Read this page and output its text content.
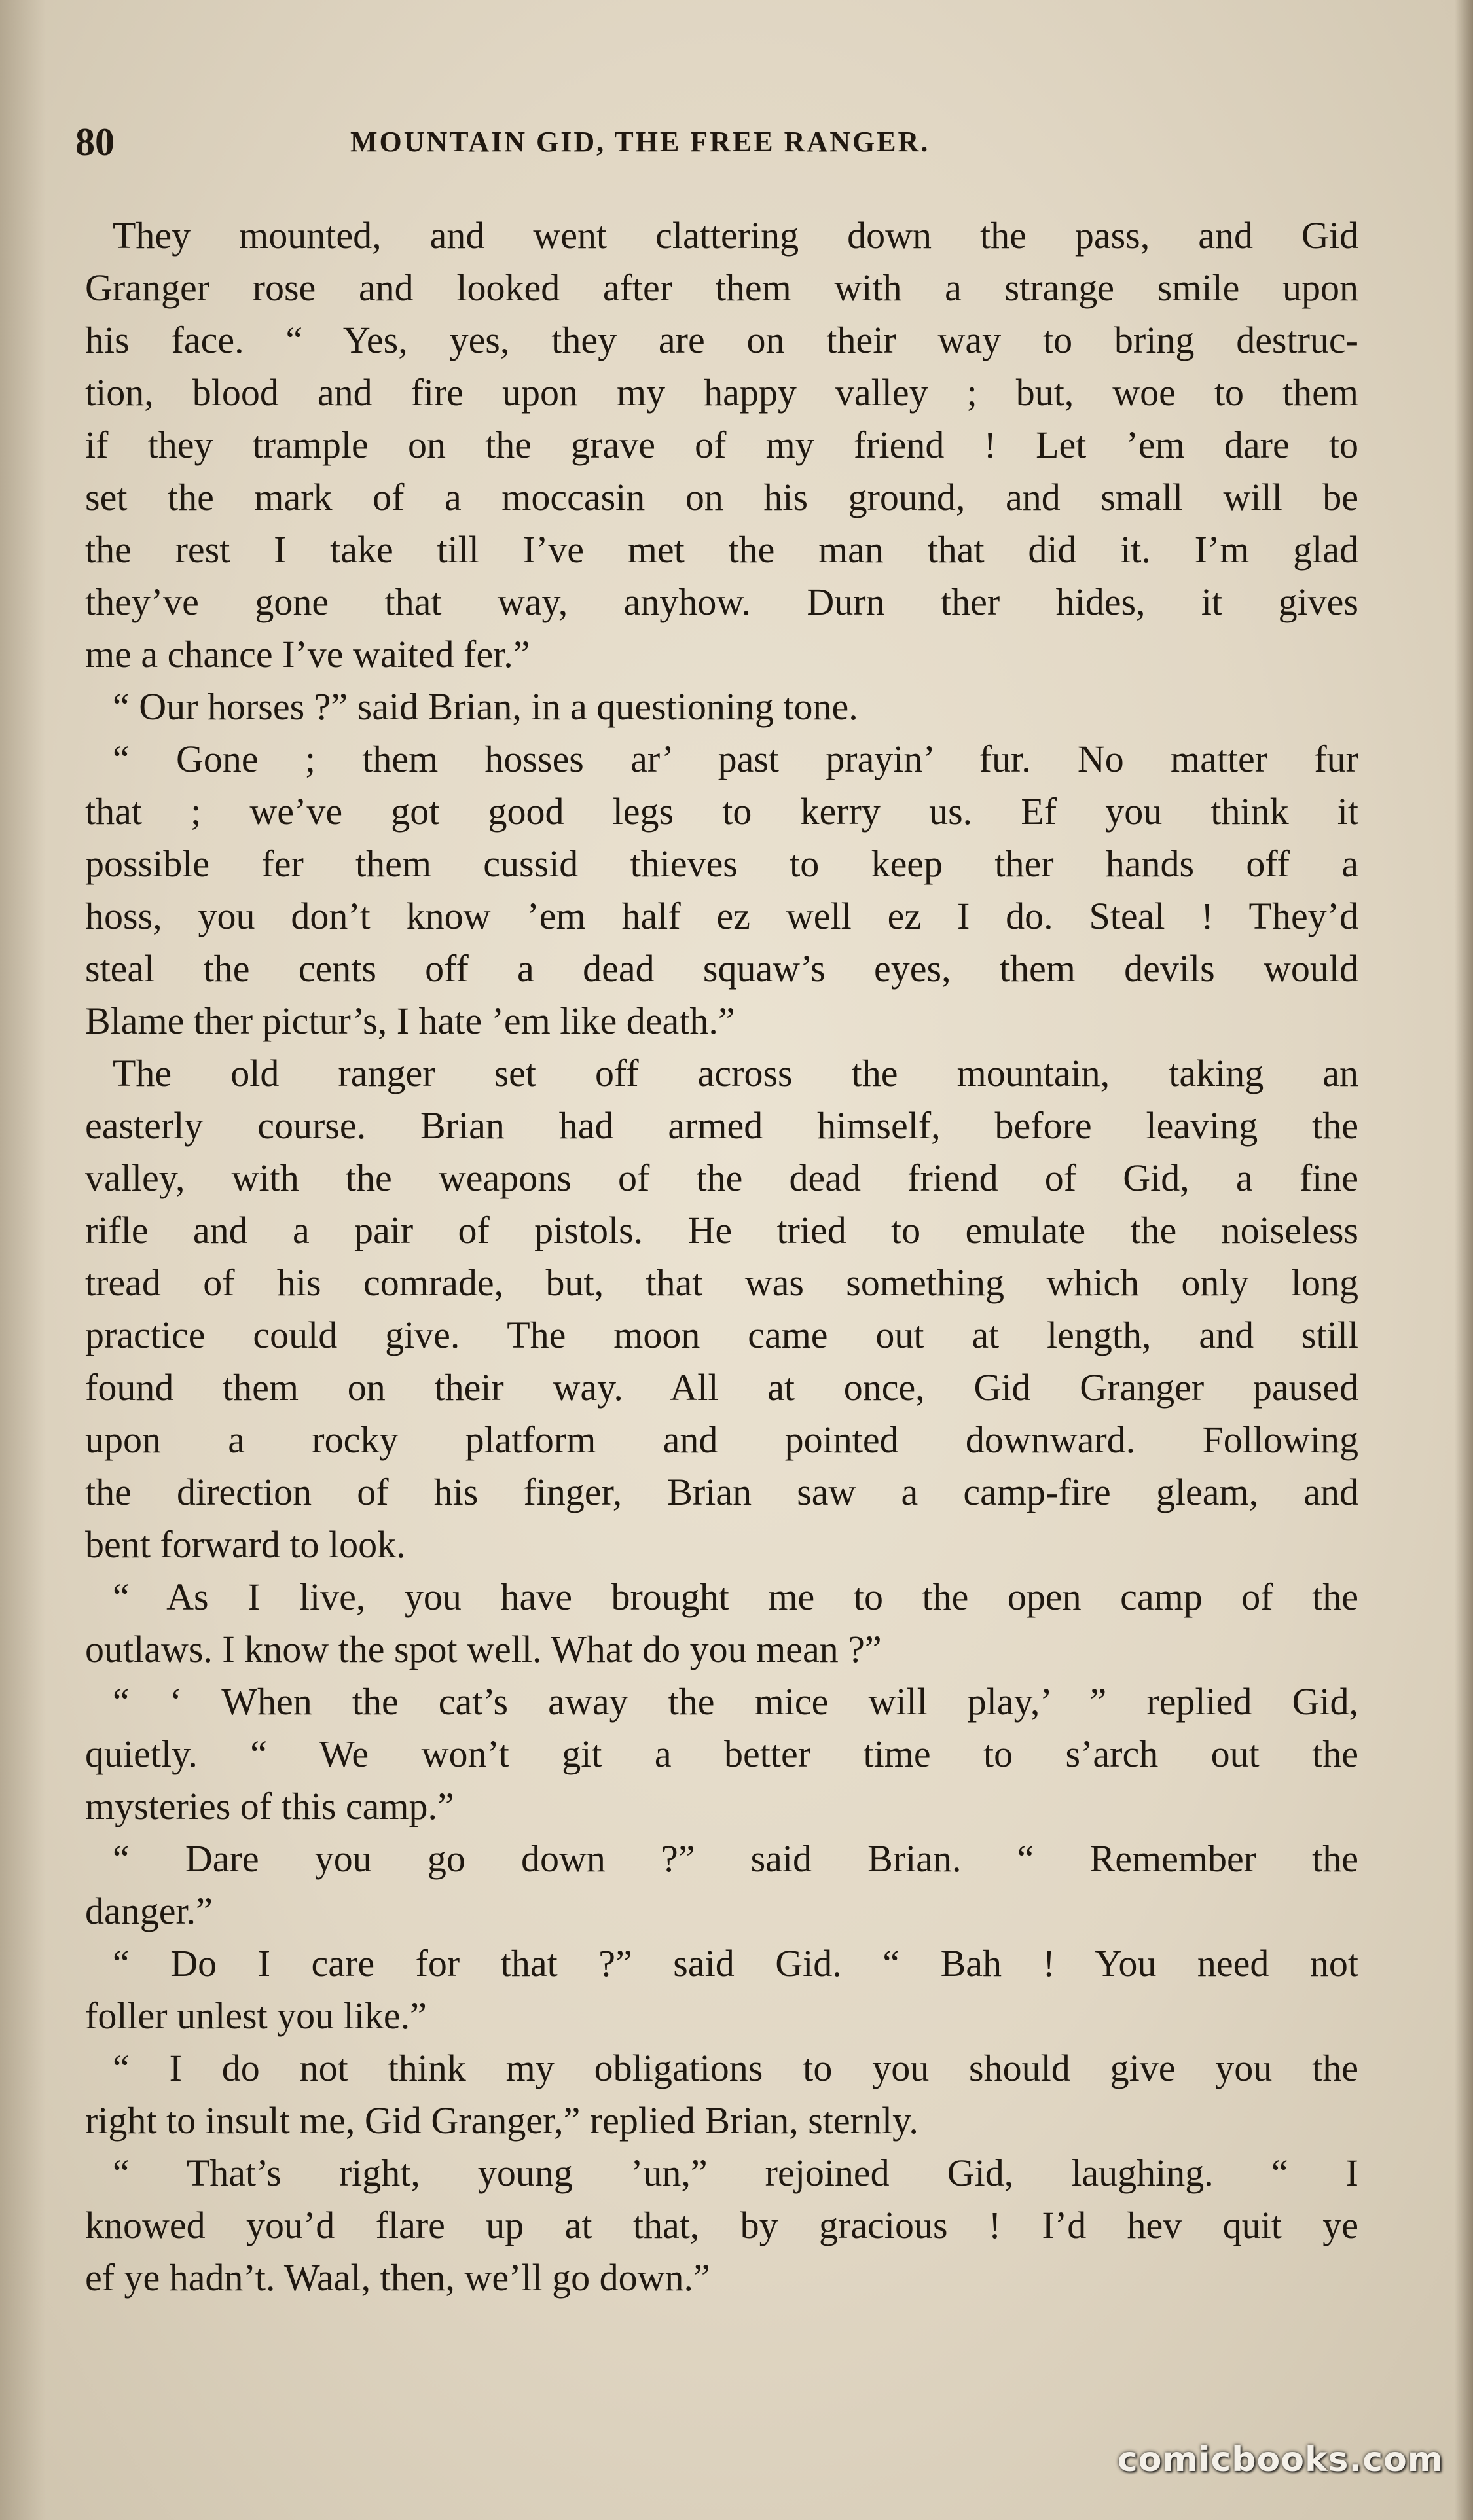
80	MOUNTAIN GID, THE FREE RANGER.
They mounted, and went clattering down the pass, and Gid
Granger rose and looked after them with a strange smile upon
his face. “ Yes, yes, they are on their way to bring destruc-
tion, blood and fire upon my happy valley ; but, woe to them
if they trample on the grave of my friend ! Let ’em dare to
set the mark of a moccasin on his ground, and small will be
the rest I take till I’ve met the man that did it. I’m glad
they’ve gone that way, anyhow. Durn ther hides, it gives
me a chance I’ve waited fer.”
“ Our horses ?” said Brian, in a questioning tone.
“ Gone ; them hosses ar’ past prayin’ fur. No matter fur
that ; we’ve got good legs to kerry us. Ef you think it
possible fer them cussid thieves to keep ther hands off a
hoss, you don’t know ’em half ez well ez I do. Steal ! They’d
steal the cents off a dead squaw’s eyes, them devils would
Blame ther pictur’s, I hate ’em like death.”
The old ranger set off across the mountain, taking an
easterly course. Brian had armed himself, before leaving the
valley, with the weapons of the dead friend of Gid, a fine
rifle and a pair of pistols. He tried to emulate the noiseless
tread of his comrade, but, that was something which only long
practice could give. The moon came out at length, and still
found them on their way. All at once, Gid Granger paused
upon a rocky platform and pointed downward. Following
the direction of his finger, Brian saw a camp-fire gleam, and
bent forward to look.
“ As I live, you have brought me to the open camp of the
outlaws. I know the spot well. What do you mean ?”
“ ‘ When the cat’s away the mice will play,’ ” replied Gid,
quietly. “ We won’t git a better time to s’arch out the
mysteries of this camp.”
“ Dare you go down ?” said Brian. “ Remember the
danger.”
“ Do I care for that ?” said Gid. “ Bah ! You need not
foller unlest you like.”
“ I do not think my obligations to you should give you the
right to insult me, Gid Granger,” replied Brian, sternly.
“ That’s right, young ’un,” rejoined Gid, laughing. “ I
knowed you’d flare up at that, by gracious ! I’d hev quit ye
ef ye hadn’t. Waal, then, we’ll go down.”
comicbooks.com
